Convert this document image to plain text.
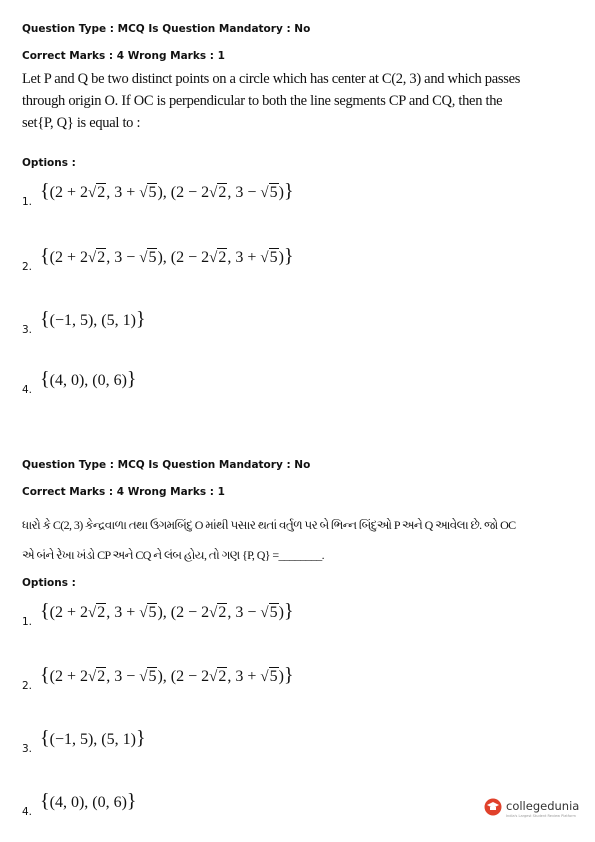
Question Type : MCQ Is Question Mandatory : No
Correct Marks : 4 Wrong Marks : 1
Let P and Q be two distinct points on a circle which has center at C(2, 3) and which passes
through origin O. If OC is perpendicular to both the line segments CP and CQ, then the
set{P, Q} is equal to :
Options :
1. {(2 + 2√2, 3 + √5), (2 − 2√2, 3 − √5)}
2. {(2 + 2√2, 3 − √5), (2 − 2√2, 3 + √5)}
3. {(−1, 5), (5, 1)}
4. {(4, 0), (0, 6)}
Question Type : MCQ Is Question Mandatory : No
Correct Marks : 4 Wrong Marks : 1
ધારો કે C(2, 3) કેન્દ્રવાળા તથા ઉગમબિંદુ O માંથી પસાર થતાં વર્તુળ પર બે ભિન્ન બિંદુઓ P અને Q આવેલા છે. જો OC
એ બંને રેખા ખંડો CP અને CQ ને લંબ હોય, તો ગણ {P, Q} =________.
Options :
1. {(2 + 2√2, 3 + √5), (2 − 2√2, 3 − √5)}
2. {(2 + 2√2, 3 − √5), (2 − 2√2, 3 + √5)}
3. {(−1, 5), (5, 1)}
4. {(4, 0), (0, 6)}	collegedunia
India's Largest Student Review Platform
